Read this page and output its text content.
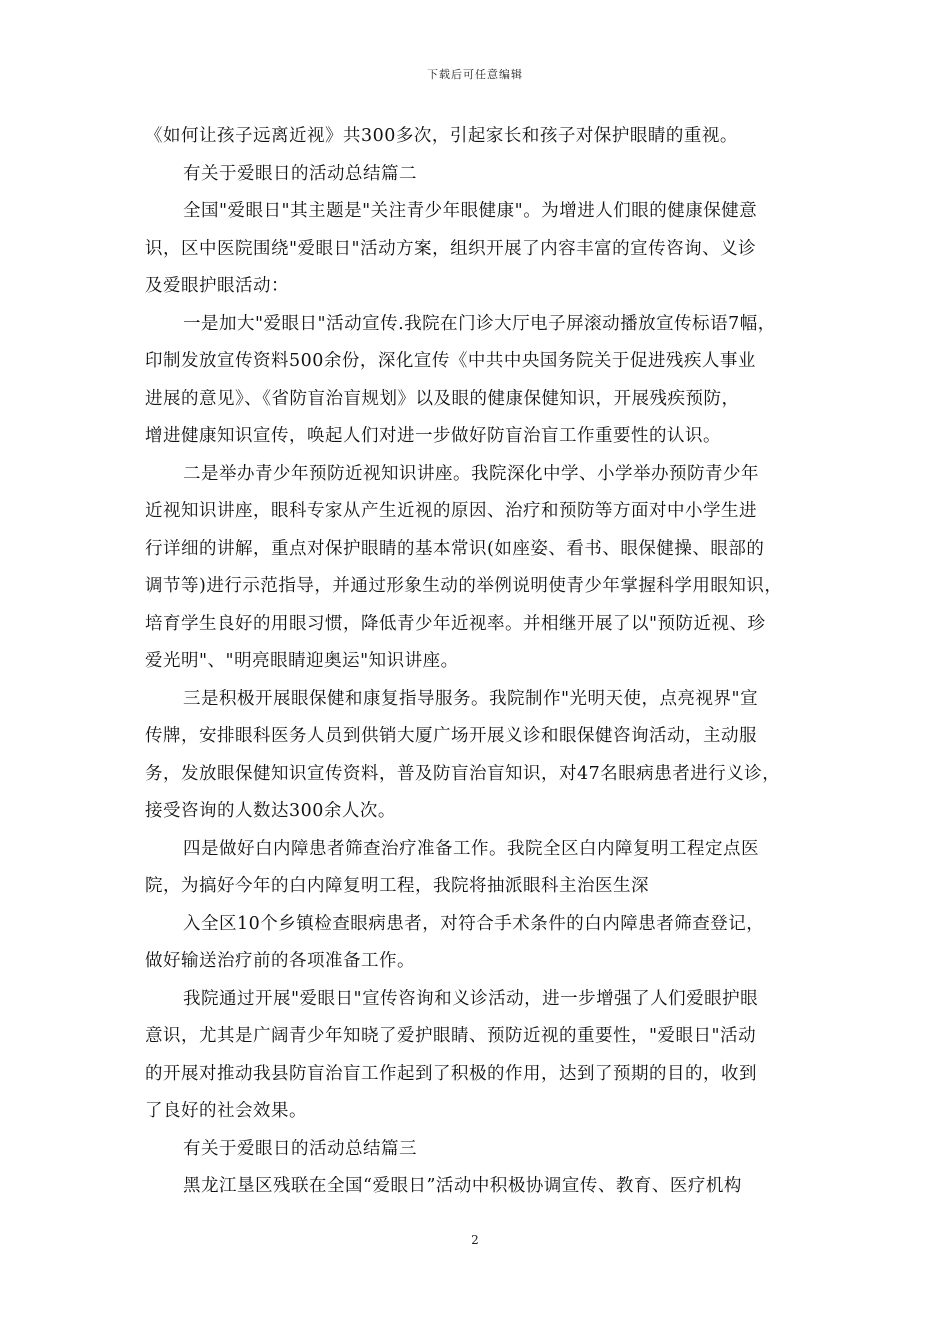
下载后可任意编辑
《如何让孩子远离近视》共300多次，引起家长和孩子对保护眼睛的重视。
有关于爱眼日的活动总结篇二
全国"爱眼日"其主题是"关注青少年眼健康"。为增进人们眼的健康保健意
识，区中医院围绕"爱眼日"活动方案，组织开展了内容丰富的宣传咨询、义诊
及爱眼护眼活动：
一是加大"爱眼日"活动宣传.我院在门诊大厅电子屏滚动播放宣传标语7幅，
印制发放宣传资料500余份，深化宣传《中共中央国务院关于促进残疾人事业
进展的意见》、《省防盲治盲规划》以及眼的健康保健知识，开展残疾预防，
增进健康知识宣传，唤起人们对进一步做好防盲治盲工作重要性的认识。
二是举办青少年预防近视知识讲座。我院深化中学、小学举办预防青少年
近视知识讲座，眼科专家从产生近视的原因、治疗和预防等方面对中小学生进
行详细的讲解，重点对保护眼睛的基本常识(如座姿、看书、眼保健操、眼部的
调节等)进行示范指导，并通过形象生动的举例说明使青少年掌握科学用眼知识，
培育学生良好的用眼习惯，降低青少年近视率。并相继开展了以"预防近视、珍
爱光明"、"明亮眼睛迎奥运"知识讲座。
三是积极开展眼保健和康复指导服务。我院制作"光明天使，点亮视界"宣
传牌，安排眼科医务人员到供销大厦广场开展义诊和眼保健咨询活动，主动服
务，发放眼保健知识宣传资料，普及防盲治盲知识，对47名眼病患者进行义诊，
接受咨询的人数达300余人次。
四是做好白内障患者筛查治疗准备工作。我院全区白内障复明工程定点医
院，为搞好今年的白内障复明工程，我院将抽派眼科主治医生深
入全区10个乡镇检查眼病患者，对符合手术条件的白内障患者筛查登记，
做好输送治疗前的各项准备工作。
我院通过开展"爱眼日"宣传咨询和义诊活动，进一步增强了人们爱眼护眼
意识，尤其是广阔青少年知晓了爱护眼睛、预防近视的重要性，"爱眼日"活动
的开展对推动我县防盲治盲工作起到了积极的作用，达到了预期的目的，收到
了良好的社会效果。
有关于爱眼日的活动总结篇三
黑龙江垦区残联在全国“爱眼日”活动中积极协调宣传、教育、医疗机构
2
